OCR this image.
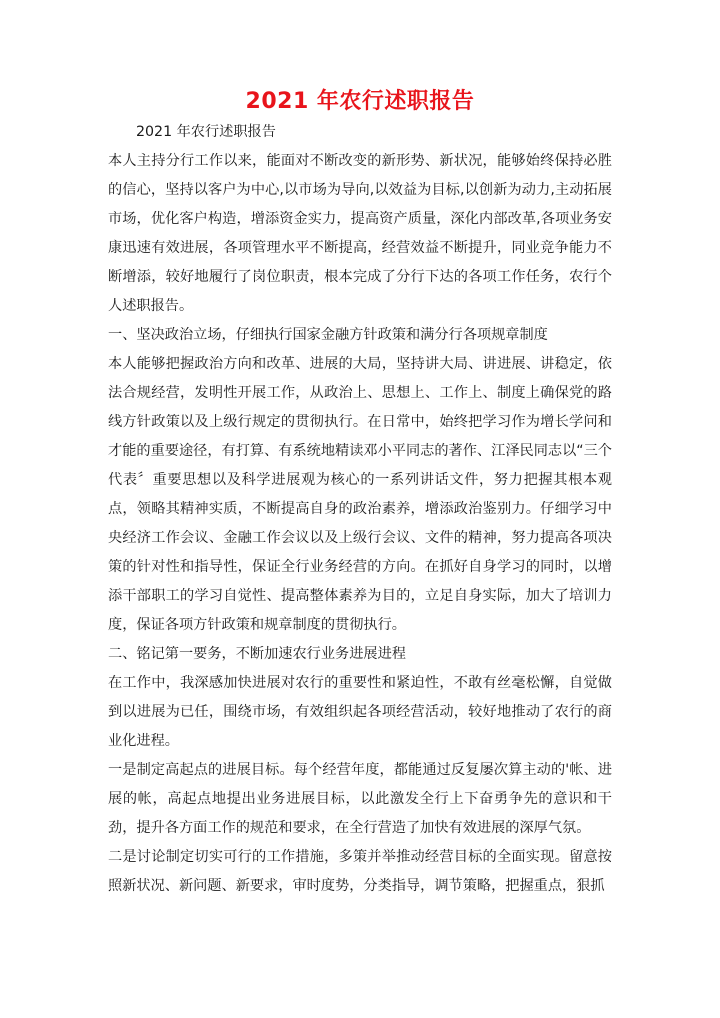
2021 年农行述职报告

2021 年农行述职报告

本人主持分行工作以来，能面对不断改变的新形势、新状况，能够始终保持必胜的信心，坚持以客户为中心,以市场为导向,以效益为目标,以创新为动力,主动拓展市场，优化客户构造，增添资金实力，提高资产质量，深化内部改革,各项业务安康迅速有效进展，各项管理水平不断提高，经营效益不断提升，同业竞争能力不断增添，较好地履行了岗位职责，根本完成了分行下达的各项工作任务，农行个人述职报告。

一、坚决政治立场，仔细执行国家金融方针政策和满分行各项规章制度

本人能够把握政治方向和改革、进展的大局，坚持讲大局、讲进展、讲稳定，依法合规经营，发明性开展工作，从政治上、思想上、工作上、制度上确保党的路线方针政策以及上级行规定的贯彻执行。在日常中，始终把学习作为增长学问和才能的重要途径，有打算、有系统地精读邓小平同志的著作、江泽民同志以“三个代表〞重要思想以及科学进展观为核心的一系列讲话文件，努力把握其根本观点，领略其精神实质，不断提高自身的政治素养，增添政治鉴别力。仔细学习中央经济工作会议、金融工作会议以及上级行会议、文件的精神，努力提高各项决策的针对性和指导性，保证全行业务经营的方向。在抓好自身学习的同时，以增添干部职工的学习自觉性、提高整体素养为目的，立足自身实际，加大了培训力度，保证各项方针政策和规章制度的贯彻执行。

二、铭记第一要务，不断加速农行业务进展进程

在工作中，我深感加快进展对农行的重要性和紧迫性，不敢有丝毫松懈，自觉做到以进展为已任，围绕市场，有效组织起各项经营活动，较好地推动了农行的商业化进程。

一是制定高起点的进展目标。每个经营年度，都能通过反复屡次算主动的'帐、进展的帐，高起点地提出业务进展目标，以此激发全行上下奋勇争先的意识和干劲，提升各方面工作的规范和要求，在全行营造了加快有效进展的深厚气氛。

二是讨论制定切实可行的工作措施，多策并举推动经营目标的全面实现。留意按照新状况、新问题、新要求，审时度势，分类指导，调节策略，把握重点，狠抓
